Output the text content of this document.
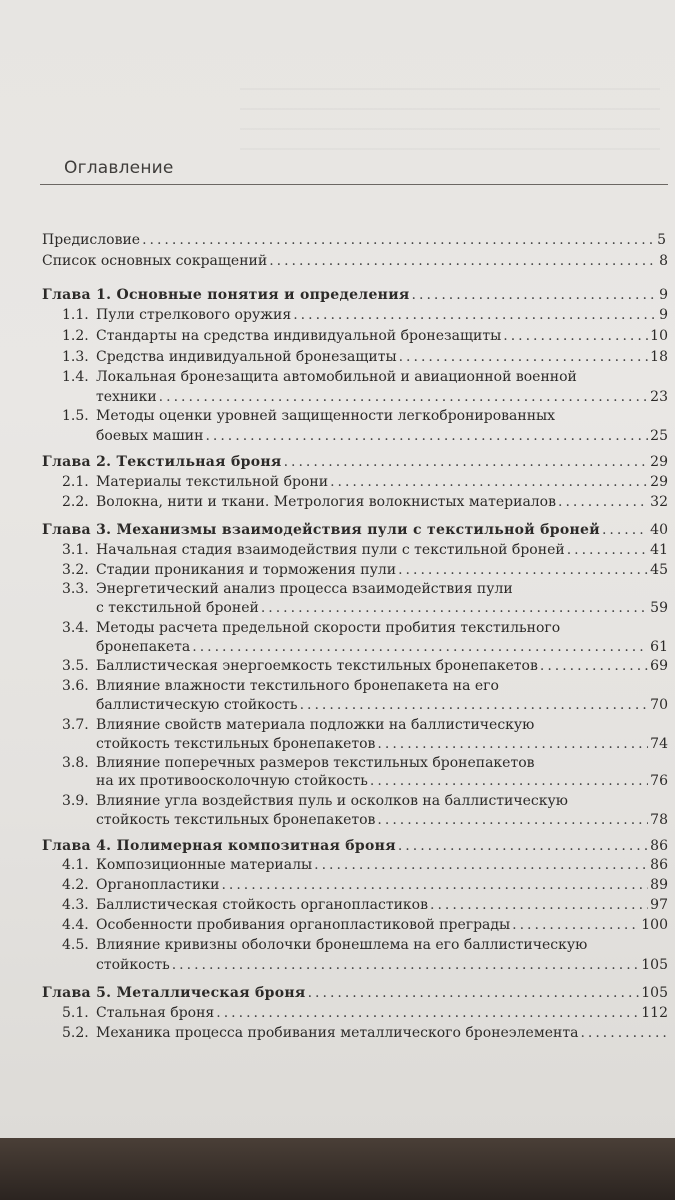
Оглавление
Предисловие .....	5
Список основных сокращений .....	8
Глава 1. Основные понятия и определения .....	9
1.1. Пули стрелкового оружия .....	9
1.2. Стандарты на средства индивидуальной бронезащиты .....	10
1.3. Средства индивидуальной бронезащиты .....	18
1.4. Локальная бронезащита автомобильной и авиационной военной
техники .....	23
1.5. Методы оценки уровней защищенности легкобронированных
боевых машин .....	25
Глава 2. Текстильная броня .....	29
2.1. Материалы текстильной брони .....	29
2.2. Волокна, нити и ткани. Метрология волокнистых материалов .....	32
Глава 3. Механизмы взаимодействия пули с текстильной броней .....	40
3.1. Начальная стадия взаимодействия пули с текстильной броней .....	41
3.2. Стадии проникания и торможения пули .....	45
3.3. Энергетический анализ процесса взаимодействия пули
с текстильной броней .....	59
3.4. Методы расчета предельной скорости пробития текстильного
бронепакета .....	61
3.5. Баллистическая энергоемкость текстильных бронепакетов .....	69
3.6. Влияние влажности текстильного бронепакета на его
баллистическую стойкость .....	70
3.7. Влияние свойств материала подложки на баллистическую
стойкость текстильных бронепакетов .....	74
3.8. Влияние поперечных размеров текстильных бронепакетов
на их противоосколочную стойкость .....	76
3.9. Влияние угла воздействия пуль и осколков на баллистическую
стойкость текстильных бронепакетов .....	78
Глава 4. Полимерная композитная броня .....	86
4.1. Композиционные материалы .....	86
4.2. Органопластики .....	89
4.3. Баллистическая стойкость органопластиков .....	97
4.4. Особенности пробивания органопластиковой преграды .....	100
4.5. Влияние кривизны оболочки бронешлема на его баллистическую
стойкость .....	105
Глава 5. Металлическая броня .....	105
5.1. Стальная броня .....	112
5.2. Механика процесса пробивания металлического бронеэлемента
.....
